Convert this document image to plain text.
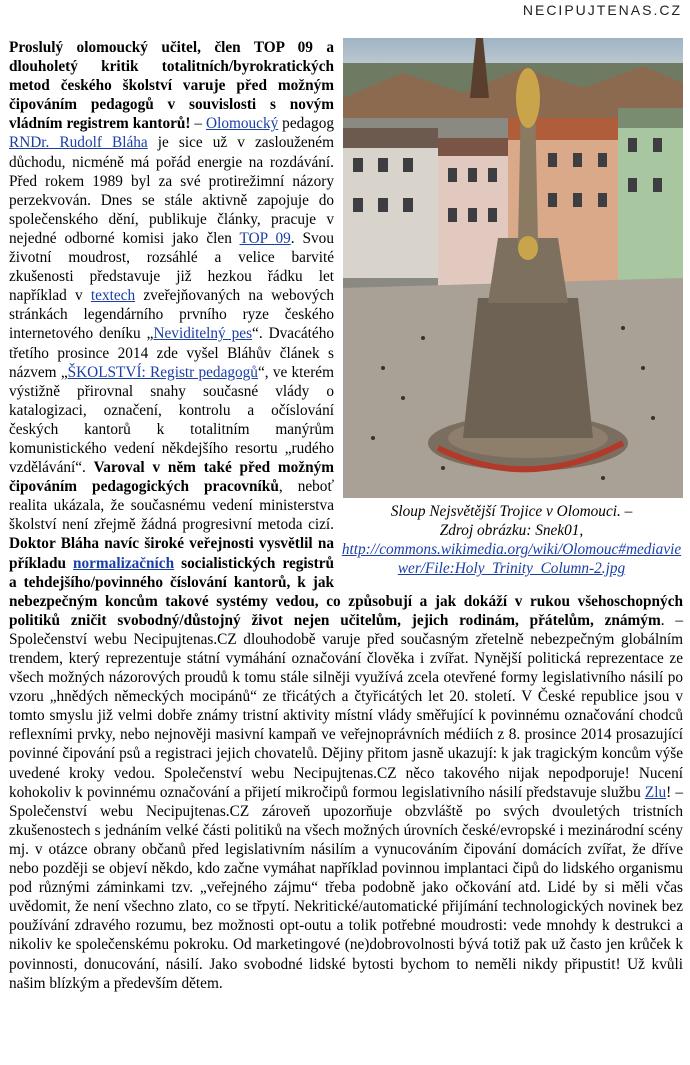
NECIPUJTENAS.CZ
Sloup Nejsvětější Trojice v Olomouci. –
Zdroj obrázku: Snek01,
http://commons.wikimedia.org/wiki/Olomouc#mediaviewer/File:Holy_Trinity_Column-2.jpg

Proslulý olomoucký učitel, člen TOP 09 a dlouholetý kritik totalitních/byrokratických metod českého školství varuje před možným čipováním pedagogů v souvislosti s novým vládním registrem kantorů! – Olomoucký pedagog RNDr. Rudolf Bláha je sice už v zaslouženém důchodu, nicméně má pořád energie na rozdávání. Před rokem 1989 byl za své protirežimní názory perzekvován. Dnes se stále aktivně zapojuje do společenského dění, publikuje články, pracuje v nejedné odborné komisi jako člen TOP 09. Svou životní moudrost, rozsáhlé a velice barvité zkušenosti představuje již hezkou řádku let například v textech zveřejňovaných na webových stránkách legendárního prvního ryze českého internetového deníku „Neviditelný pes“. Dvacátého třetího prosince 2014 zde vyšel Bláhův článek s názvem „ŠKOLSTVÍ: Registr pedagogů“, ve kterém výstižně přirovnal snahy současné vlády o katalogizaci, označení, kontrolu a očíslování českých kantorů k totalitním manýrům komunistického vedení někdejšího resortu „rudého vzdělávání“. Varoval v něm také před možným čipováním pedagogických pracovníků, neboť realita ukázala, že současnému vedení ministerstva školství není zřejmě žádná progresivní metoda cizí. Doktor Bláha navíc široké veřejnosti vysvětlil na příkladu normalizačních socialistických registrů a tehdejšího/povinného číslování kantorů, k jak nebezpečným koncům takové systémy vedou, co způsobují a jak dokáží v rukou všehoschopných politiků zničit svobodný/důstojný život nejen učitelům, jejich rodinám, přátelům, známým. – Společenství webu Necipujtenas.CZ dlouhodobě varuje před současným zřetelně nebezpečným globálním trendem, který reprezentuje státní vymáhání označování člověka i zvířat. Nynější politická reprezentace ze všech možných názorových proudů k tomu stále silněji využívá zcela otevřené formy legislativního násilí po vzoru „hnědých německých mocipánů“ ze třicátých a čtyřicátých let 20. století. V České republice jsou v tomto smyslu již velmi dobře známy tristní aktivity místní vlády směřující k povinnému označování chodců reflexními prvky, nebo nejnověji masivní kampaň ve veřejnoprávních médiích z 8. prosince 2014 prosazující povinné čipování psů a registraci jejich chovatelů. Dějiny přitom jasně ukazují: k jak tragickým koncům výše uvedené kroky vedou. Společenství webu Necipujtenas.CZ něco takového nijak nepodporuje! Nucení kohokoliv k povinnému označování a přijetí mikročipů formou legislativního násilí představuje službu Zlu! – Společenství webu Necipujtenas.CZ zároveň upozorňuje obzvláště po svých dvouletých tristních zkušenostech s jednáním velké části politiků na všech možných úrovních české/evropské i mezinárodní scény mj. v otázce obrany občanů před legislativním násilím a vynucováním čipování domácích zvířat, že dříve nebo později se objeví někdo, kdo začne vymáhat například povinnou implantaci čipů do lidského organismu pod různými záminkami tzv. „veřejného zájmu“ třeba podobně jako očkování atd. Lidé by si měli včas uvědomit, že není všechno zlato, co se třpytí. Nekritické/automatické přijímání technologických novinek bez používání zdravého rozumu, bez možnosti opt-outu a tolik potřebné moudrosti: vede mnohdy k destrukci a nikoliv ke společenskému pokroku. Od marketingové (ne)dobrovolnosti bývá totiž pak už často jen krůček k povinnosti, donucování, násilí. Jako svobodné lidské bytosti bychom to neměli nikdy připustit! Už kvůli našim blízkým a především dětem.
